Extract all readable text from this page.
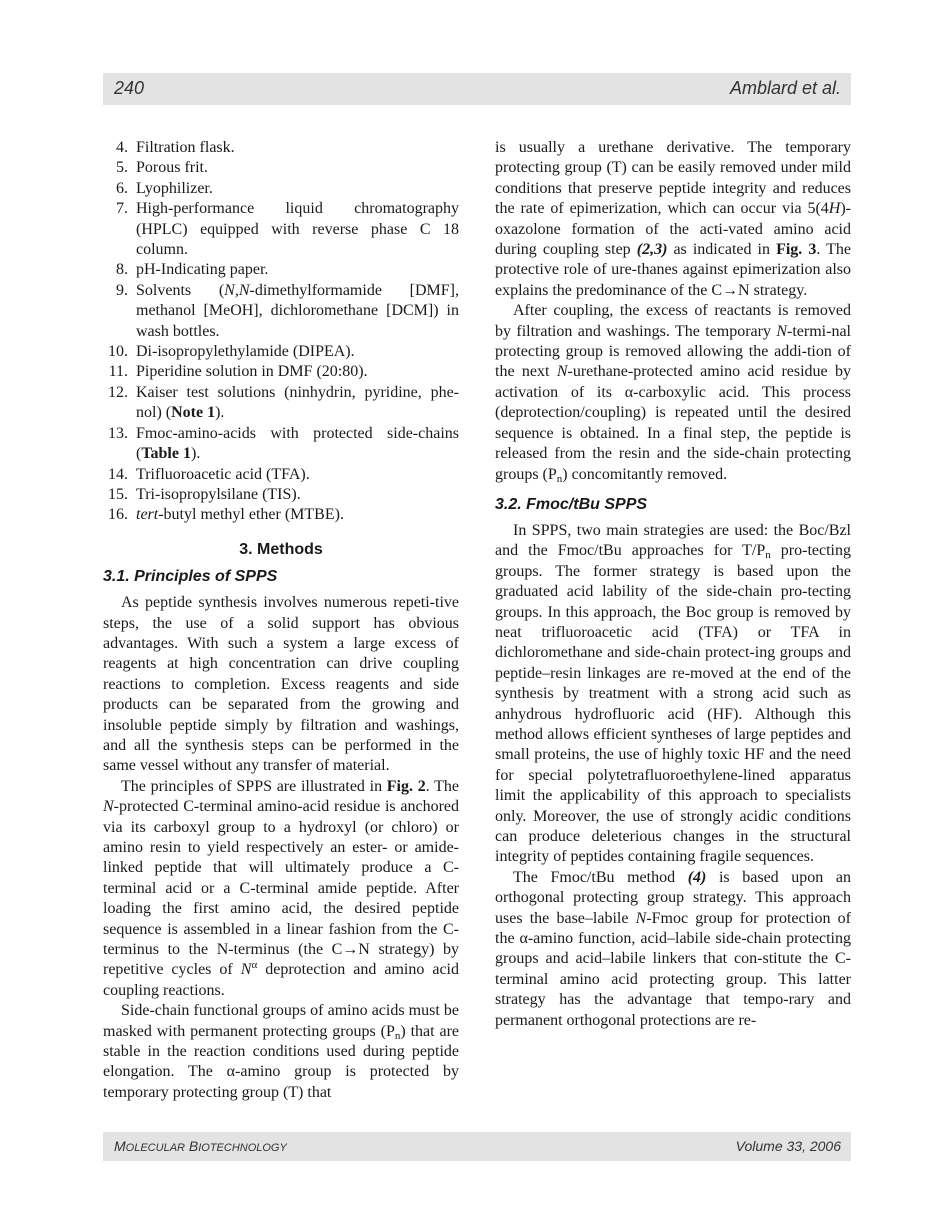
240	Amblard et al.
4. Filtration flask.
5. Porous frit.
6. Lyophilizer.
7. High-performance liquid chromatography (HPLC) equipped with reverse phase C 18 column.
8. pH-Indicating paper.
9. Solvents (N,N-dimethylformamide [DMF], methanol [MeOH], dichloromethane [DCM]) in wash bottles.
10. Di-isopropylethylamide (DIPEA).
11. Piperidine solution in DMF (20:80).
12. Kaiser test solutions (ninhydrin, pyridine, phe-nol) (Note 1).
13. Fmoc-amino-acids with protected side-chains (Table 1).
14. Trifluoroacetic acid (TFA).
15. Tri-isopropylsilane (TIS).
16. tert-butyl methyl ether (MTBE).
3. Methods
3.1. Principles of SPPS

As peptide synthesis involves numerous repeti-tive steps, the use of a solid support has obvious advantages. With such a system a large excess of reagents at high concentration can drive coupling reactions to completion. Excess reagents and side products can be separated from the growing and insoluble peptide simply by filtration and washings, and all the synthesis steps can be performed in the same vessel without any transfer of material.

The principles of SPPS are illustrated in Fig. 2. The N-protected C-terminal amino-acid residue is anchored via its carboxyl group to a hydroxyl (or chloro) or amino resin to yield respectively an ester- or amide- linked peptide that will ultimately produce a C-terminal acid or a C-terminal amide peptide. After loading the first amino acid, the desired peptide sequence is assembled in a linear fashion from the C-terminus to the N-terminus (the C→N strategy) by repetitive cycles of $N^\alpha$ deprotection and amino acid coupling reactions.

Side-chain functional groups of amino acids must be masked with permanent protecting groups $(P_n)$ that are stable in the reaction conditions used during peptide elongation. The α-amino group is protected by temporary protecting group (T) that

is usually a urethane derivative. The temporary protecting group (T) can be easily removed under mild conditions that preserve peptide integrity and reduces the rate of epimerization, which can occur via 5(4H)-oxazolone formation of the acti-vated amino acid during coupling step (2,3) as indicated in Fig. 3. The protective role of ure-thanes against epimerization also explains the predominance of the C→N strategy.

After coupling, the excess of reactants is removed by filtration and washings. The temporary N-termi-nal protecting group is removed allowing the addi-tion of the next N-urethane-protected amino acid residue by activation of its α-carboxylic acid. This process (deprotection/coupling) is repeated until the desired sequence is obtained. In a final step, the peptide is released from the resin and the side-chain protecting groups $(P_n)$ concomitantly removed.

3.2. Fmoc/tBu SPPS

In SPPS, two main strategies are used: the Boc/Bzl and the Fmoc/tBu approaches for $T/P_n$ pro-tecting groups. The former strategy is based upon the graduated acid lability of the side-chain pro-tecting groups. In this approach, the Boc group is removed by neat trifluoroacetic acid (TFA) or TFA in dichloromethane and side-chain protect-ing groups and peptide–resin linkages are re-moved at the end of the synthesis by treatment with a strong acid such as anhydrous hydrofluoric acid (HF). Although this method allows efficient syntheses of large peptides and small proteins, the use of highly toxic HF and the need for special polytetrafluoroethylene-lined apparatus limit the applicability of this approach to specialists only. Moreover, the use of strongly acidic conditions can produce deleterious changes in the structural integrity of peptides containing fragile sequences.

The Fmoc/tBu method (4) is based upon an orthogonal protecting group strategy. This approach uses the base–labile N-Fmoc group for protection of the α-amino function, acid–labile side-chain protecting groups and acid–labile linkers that con-stitute the C-terminal amino acid protecting group. This latter strategy has the advantage that tempo-rary and permanent orthogonal protections are re-

MOLECULAR BIOTECHNOLOGY	Volume 33, 2006
